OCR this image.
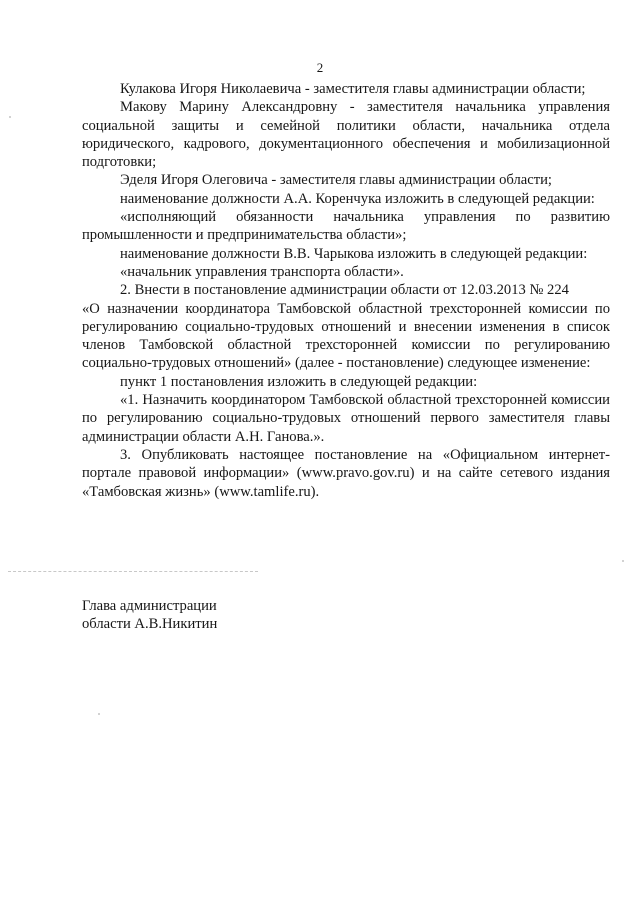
2

Кулакова Игоря Николаевича - заместителя главы администрации области;

Макову Марину Александровну - заместителя начальника управления социальной защиты и семейной политики области, начальника отдела юридического, кадрового, документационного обеспечения и мобилизационной подготовки;

Эделя Игоря Олеговича - заместителя главы администрации области;

наименование должности А.А. Коренчука изложить в следующей редакции:

«исполняющий обязанности начальника управления по развитию промышленности и предпринимательства области»;

наименование должности В.В. Чарыкова изложить в следующей редакции:

«начальник управления транспорта области».

2. Внести в постановление администрации области от 12.03.2013 № 224

«О назначении координатора Тамбовской областной трехсторонней комиссии по регулированию социально-трудовых отношений и внесении изменения в список членов Тамбовской областной трехсторонней комиссии по регулированию социально-трудовых отношений» (далее - постановление) следующее изменение:

пункт 1 постановления изложить в следующей редакции:

«1. Назначить координатором Тамбовской областной трехсторонней комиссии по регулированию социально-трудовых отношений первого заместителя главы администрации области А.Н. Ганова.».

3. Опубликовать настоящее постановление на «Официальном интернет-портале правовой информации» (www.pravo.gov.ru) и на сайте сетевого издания «Тамбовская жизнь» (www.tamlife.ru).

Глава администрации
области А.В.Никитин
